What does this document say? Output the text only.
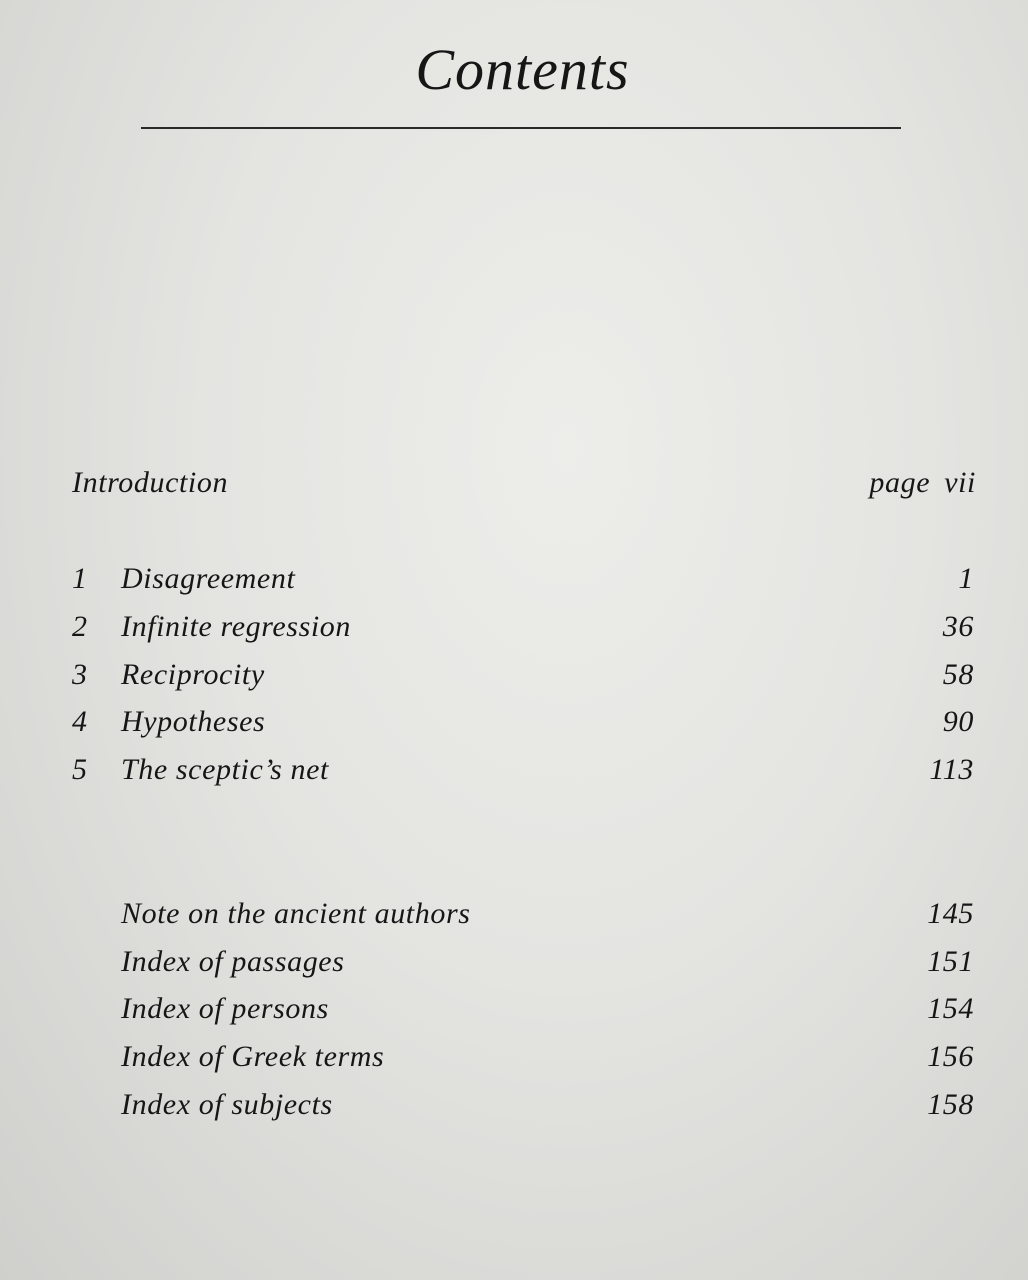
Contents
Introduction	page vii
1	Disagreement	1
2	Infinite regression	36
3	Reciprocity	58
4	Hypotheses	90
5	The sceptic’s net	113
Note on the ancient authors	145
Index of passages	151
Index of persons	154
Index of Greek terms	156
Index of subjects	158
